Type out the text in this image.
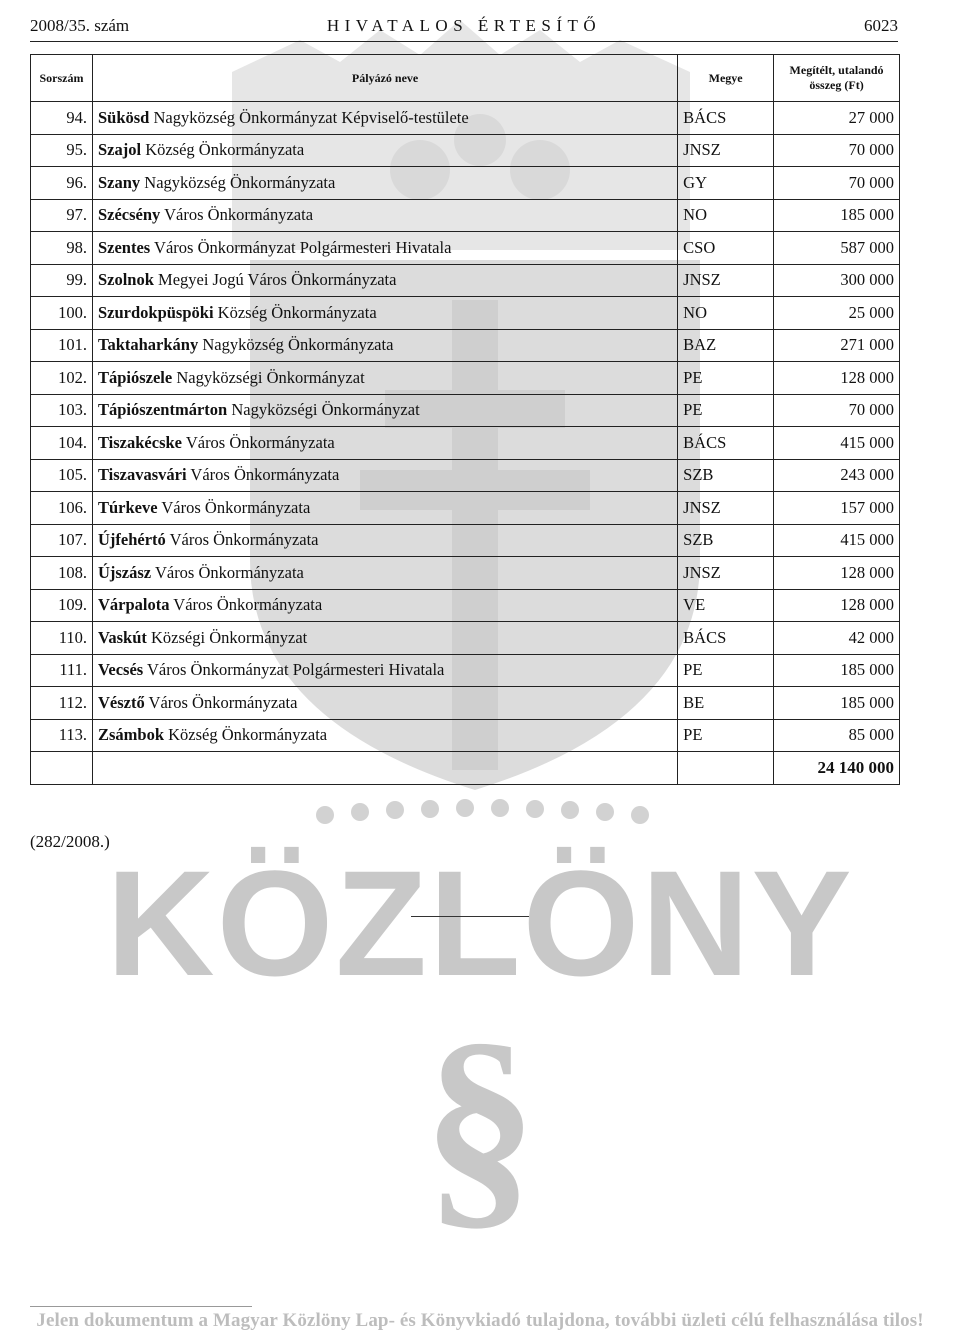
KÖZLÖNY
§
2008/35. szám	HIVATALOS ÉRTESÍTŐ	6023
Sorszám	Pályázó neve	Megye	Megítélt, utalandó összeg (Ft)
94.	Sükösd Nagyközség Önkormányzat Képviselő-testülete	BÁCS	27 000
95.	Szajol Község Önkormányzata	JNSZ	70 000
96.	Szany Nagyközség Önkormányzata	GY	70 000
97.	Szécsény Város Önkormányzata	NO	185 000
98.	Szentes Város Önkormányzat Polgármesteri Hivatala	CSO	587 000
99.	Szolnok Megyei Jogú Város Önkormányzata	JNSZ	300 000
100.	Szurdokpüspöki Község Önkormányzata	NO	25 000
101.	Taktaharkány Nagyközség Önkormányzata	BAZ	271 000
102.	Tápiószele Nagyközségi Önkormányzat	PE	128 000
103.	Tápiószentmárton Nagyközségi Önkormányzat	PE	70 000
104.	Tiszakécske Város Önkormányzata	BÁCS	415 000
105.	Tiszavasvári Város Önkormányzata	SZB	243 000
106.	Túrkeve Város Önkormányzata	JNSZ	157 000
107.	Újfehértó Város Önkormányzata	SZB	415 000
108.	Újszász Város Önkormányzata	JNSZ	128 000
109.	Várpalota Város Önkormányzata	VE	128 000
110.	Vaskút Községi Önkormányzat	BÁCS	42 000
111.	Vecsés Város Önkormányzat Polgármesteri Hivatala	PE	185 000
112.	Vésztő Város Önkormányzata	BE	185 000
113.	Zsámbok Község Önkormányzata	PE	85 000
			24 140 000
(282/2008.)
Jelen dokumentum a Magyar Közlöny Lap- és Könyvkiadó tulajdona, további üzleti célú felhasználása tilos!
